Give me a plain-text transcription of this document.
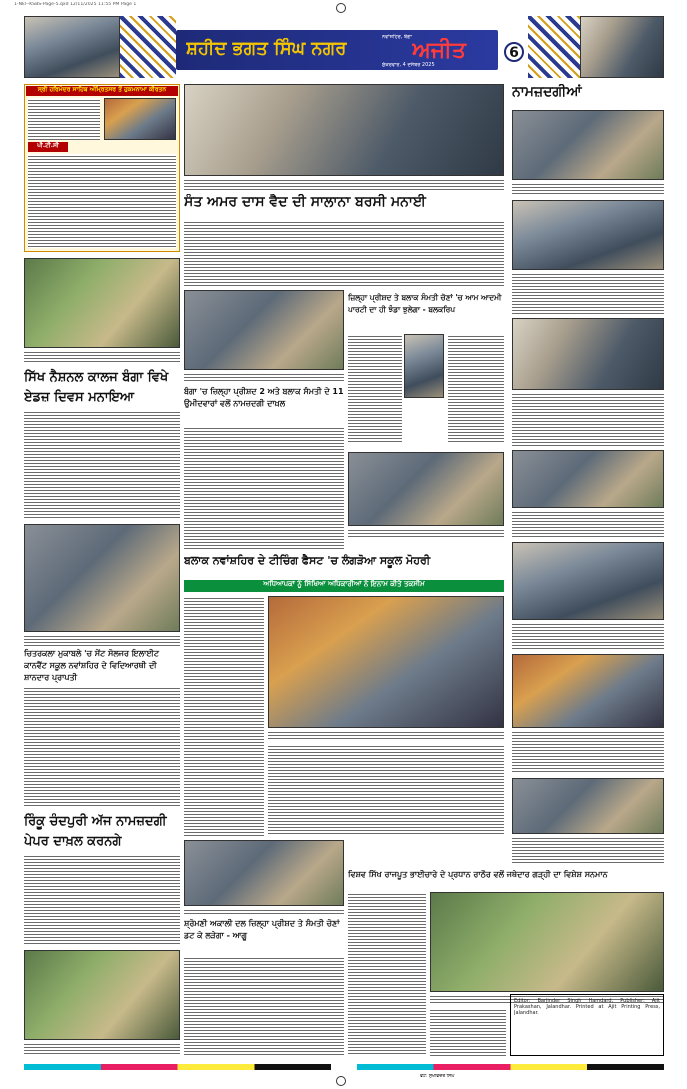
1-Nkl--KSBS-Page-5.qxd 12/11/2025 11:55 PM Page 1
ਸ਼ਹੀਦ ਭਗਤ ਸਿੰਘ ਨਗਰ
ਨਵਾਂਸ਼ਹਿਰ, ਬੰਗਾ
ਅਜੀਤ
ਸ਼ੁੱਕਰਵਾਰ, 4 ਦਸੰਬਰ 2025
6
ਸ੍ਰੀ ਹਰਿਮੰਦਰ ਸਾਹਿਬ ਅੰਮ੍ਰਿਤਸਰ ਤੋਂ ਹੁਕਮਨਾਮਾ ਕੀਰਤਨ
ਪੀ.ਟੀ.ਸੀ
ਸਿੱਖ ਨੈਸ਼ਨਲ ਕਾਲਜ ਬੰਗਾ ਵਿਖੇ ਏਡਜ਼ ਦਿਵਸ ਮਨਾਇਆ
ਚਿਤਰਕਲਾ ਮੁਕਾਬਲੇ 'ਚ ਸੇਂਟ ਸੋਲਜਰ ਇਲਾਈਟ ਕਾਨਵੈਂਟ ਸਕੂਲ ਨਵਾਂਸ਼ਹਿਰ ਦੇ ਵਿਦਿਆਰਥੀ ਦੀ ਸ਼ਾਨਦਾਰ ਪ੍ਰਾਪਤੀ
ਰਿੰਕੂ ਚੰਦਪੁਰੀ ਅੱਜ ਨਾਮਜ਼ਦਗੀ ਪੇਪਰ ਦਾਖ਼ਲ ਕਰਨਗੇ
ਸੰਤ ਅਮਰ ਦਾਸ ਵੈਦ ਦੀ ਸਾਲਾਨਾ ਬਰਸੀ ਮਨਾਈ
ਬੰਗਾ 'ਚ ਜ਼ਿਲ੍ਹਾ ਪ੍ਰੀਸ਼ਦ 2 ਅਤੇ ਬਲਾਕ ਸੰਮਤੀ ਦੇ 11 ਉਮੀਦਵਾਰਾਂ ਵਲੋਂ ਨਾਮਜ਼ਦਗੀ ਦਾਖ਼ਲ
ਜ਼ਿਲ੍ਹਾ ਪ੍ਰੀਸ਼ਦ ਤੇ ਬਲਾਕ ਸੰਮਤੀ ਚੋਣਾਂ 'ਚ ਆਮ ਆਦਮੀ ਪਾਰਟੀ ਦਾ ਹੀ ਝੰਡਾ ਝੁਲੇਗਾ - ਬਲਕਰਿਪ
ਬਲਾਕ ਨਵਾਂਸ਼ਹਿਰ ਦੇ ਟੀਚਿੰਗ ਫੈਸਟ 'ਚ ਲੰਗੜੋਆ ਸਕੂਲ ਮੋਹਰੀ
ਅਧਿਆਪਕਾਂ ਨੂੰ ਸਿੱਖਿਆ ਅਧਿਕਾਰੀਆਂ ਨੇ ਇਨਾਮ ਕੀਤੇ ਤਕਸੀਮ
ਸ਼੍ਰੋਮਣੀ ਅਕਾਲੀ ਦਲ ਜ਼ਿਲ੍ਹਾ ਪ੍ਰੀਸ਼ਦ ਤੇ ਸੰਮਤੀ ਚੋਣਾਂ ਡਟ ਕੇ ਲੜੇਗਾ - ਆਗੂ
ਵਿਸ਼ਵ ਸਿੱਖ ਰਾਜਪੂਤ ਭਾਈਚਾਰੇ ਦੇ ਪ੍ਰਧਾਨ ਰਾਠੌਰ ਵਲੋਂ ਜਥੇਦਾਰ ਗੜ੍ਹੀ ਦਾ ਵਿਸ਼ੇਸ਼ ਸਨਮਾਨ
ਨਾਮਜ਼ਦਗੀਆਂ
Editor: Barjinder Singh Hamdard, Publisher: Ajit Prakashan, Jalandhar. Printed at Ajit Printing Press, Jalandhar.
ਫੋਟੋ: ਸੁਖਵਿੰਦਰ ਸਿੰਘ
